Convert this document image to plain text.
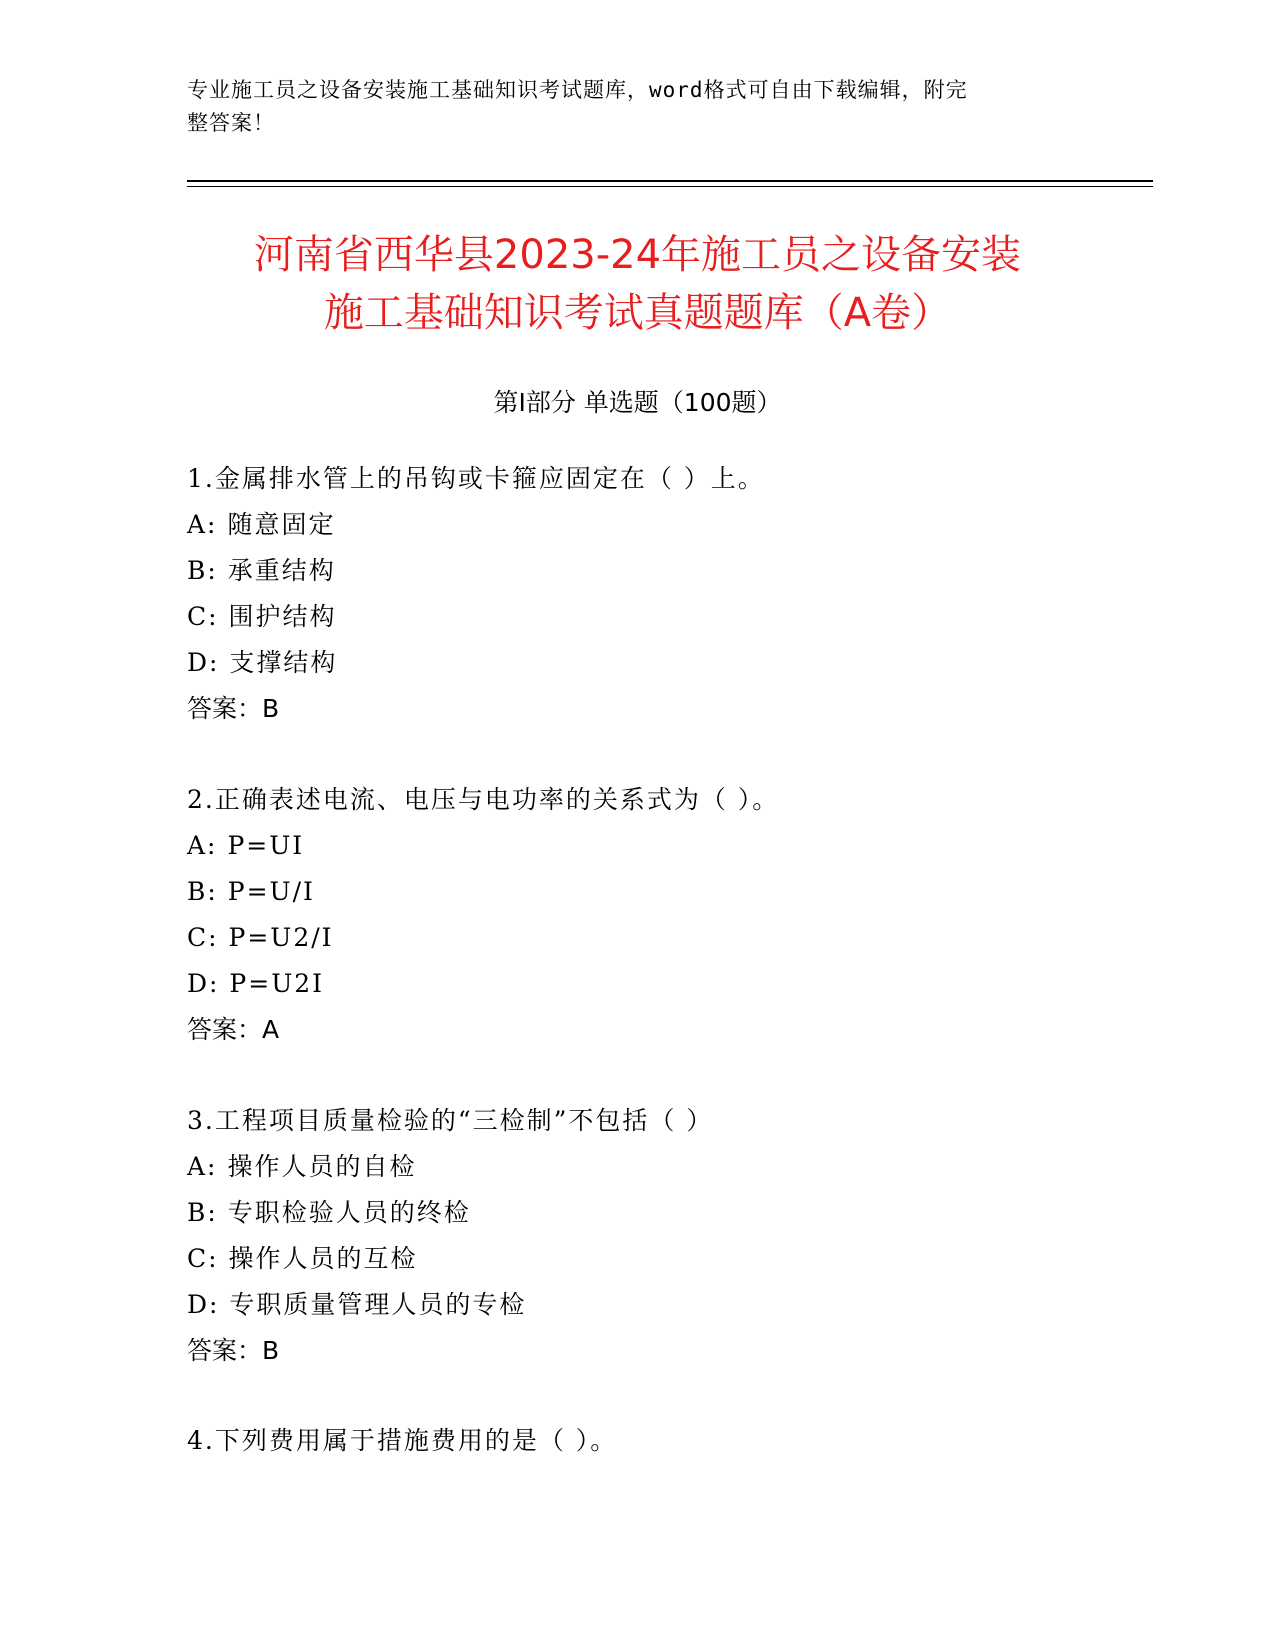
专业施工员之设备安装施工基础知识考试题库，word格式可自由下载编辑，附完
整答案！
河南省西华县2023-24年施工员之设备安装
施工基础知识考试真题题库（A卷）
第Ⅰ部分 单选题（100题）
1.金属排水管上的吊钩或卡箍应固定在（ ）上。
A: 随意固定
B: 承重结构
C: 围护结构
D: 支撑结构
答案：B
2.正确表述电流、电压与电功率的关系式为（ ）。
A: P=UI
B: P=U/I
C: P=U2/I
D: P=U2I
答案：A
3.工程项目质量检验的“三检制”不包括（ ）
A: 操作人员的自检
B: 专职检验人员的终检
C: 操作人员的互检
D: 专职质量管理人员的专检
答案：B
4.下列费用属于措施费用的是（ ）。
